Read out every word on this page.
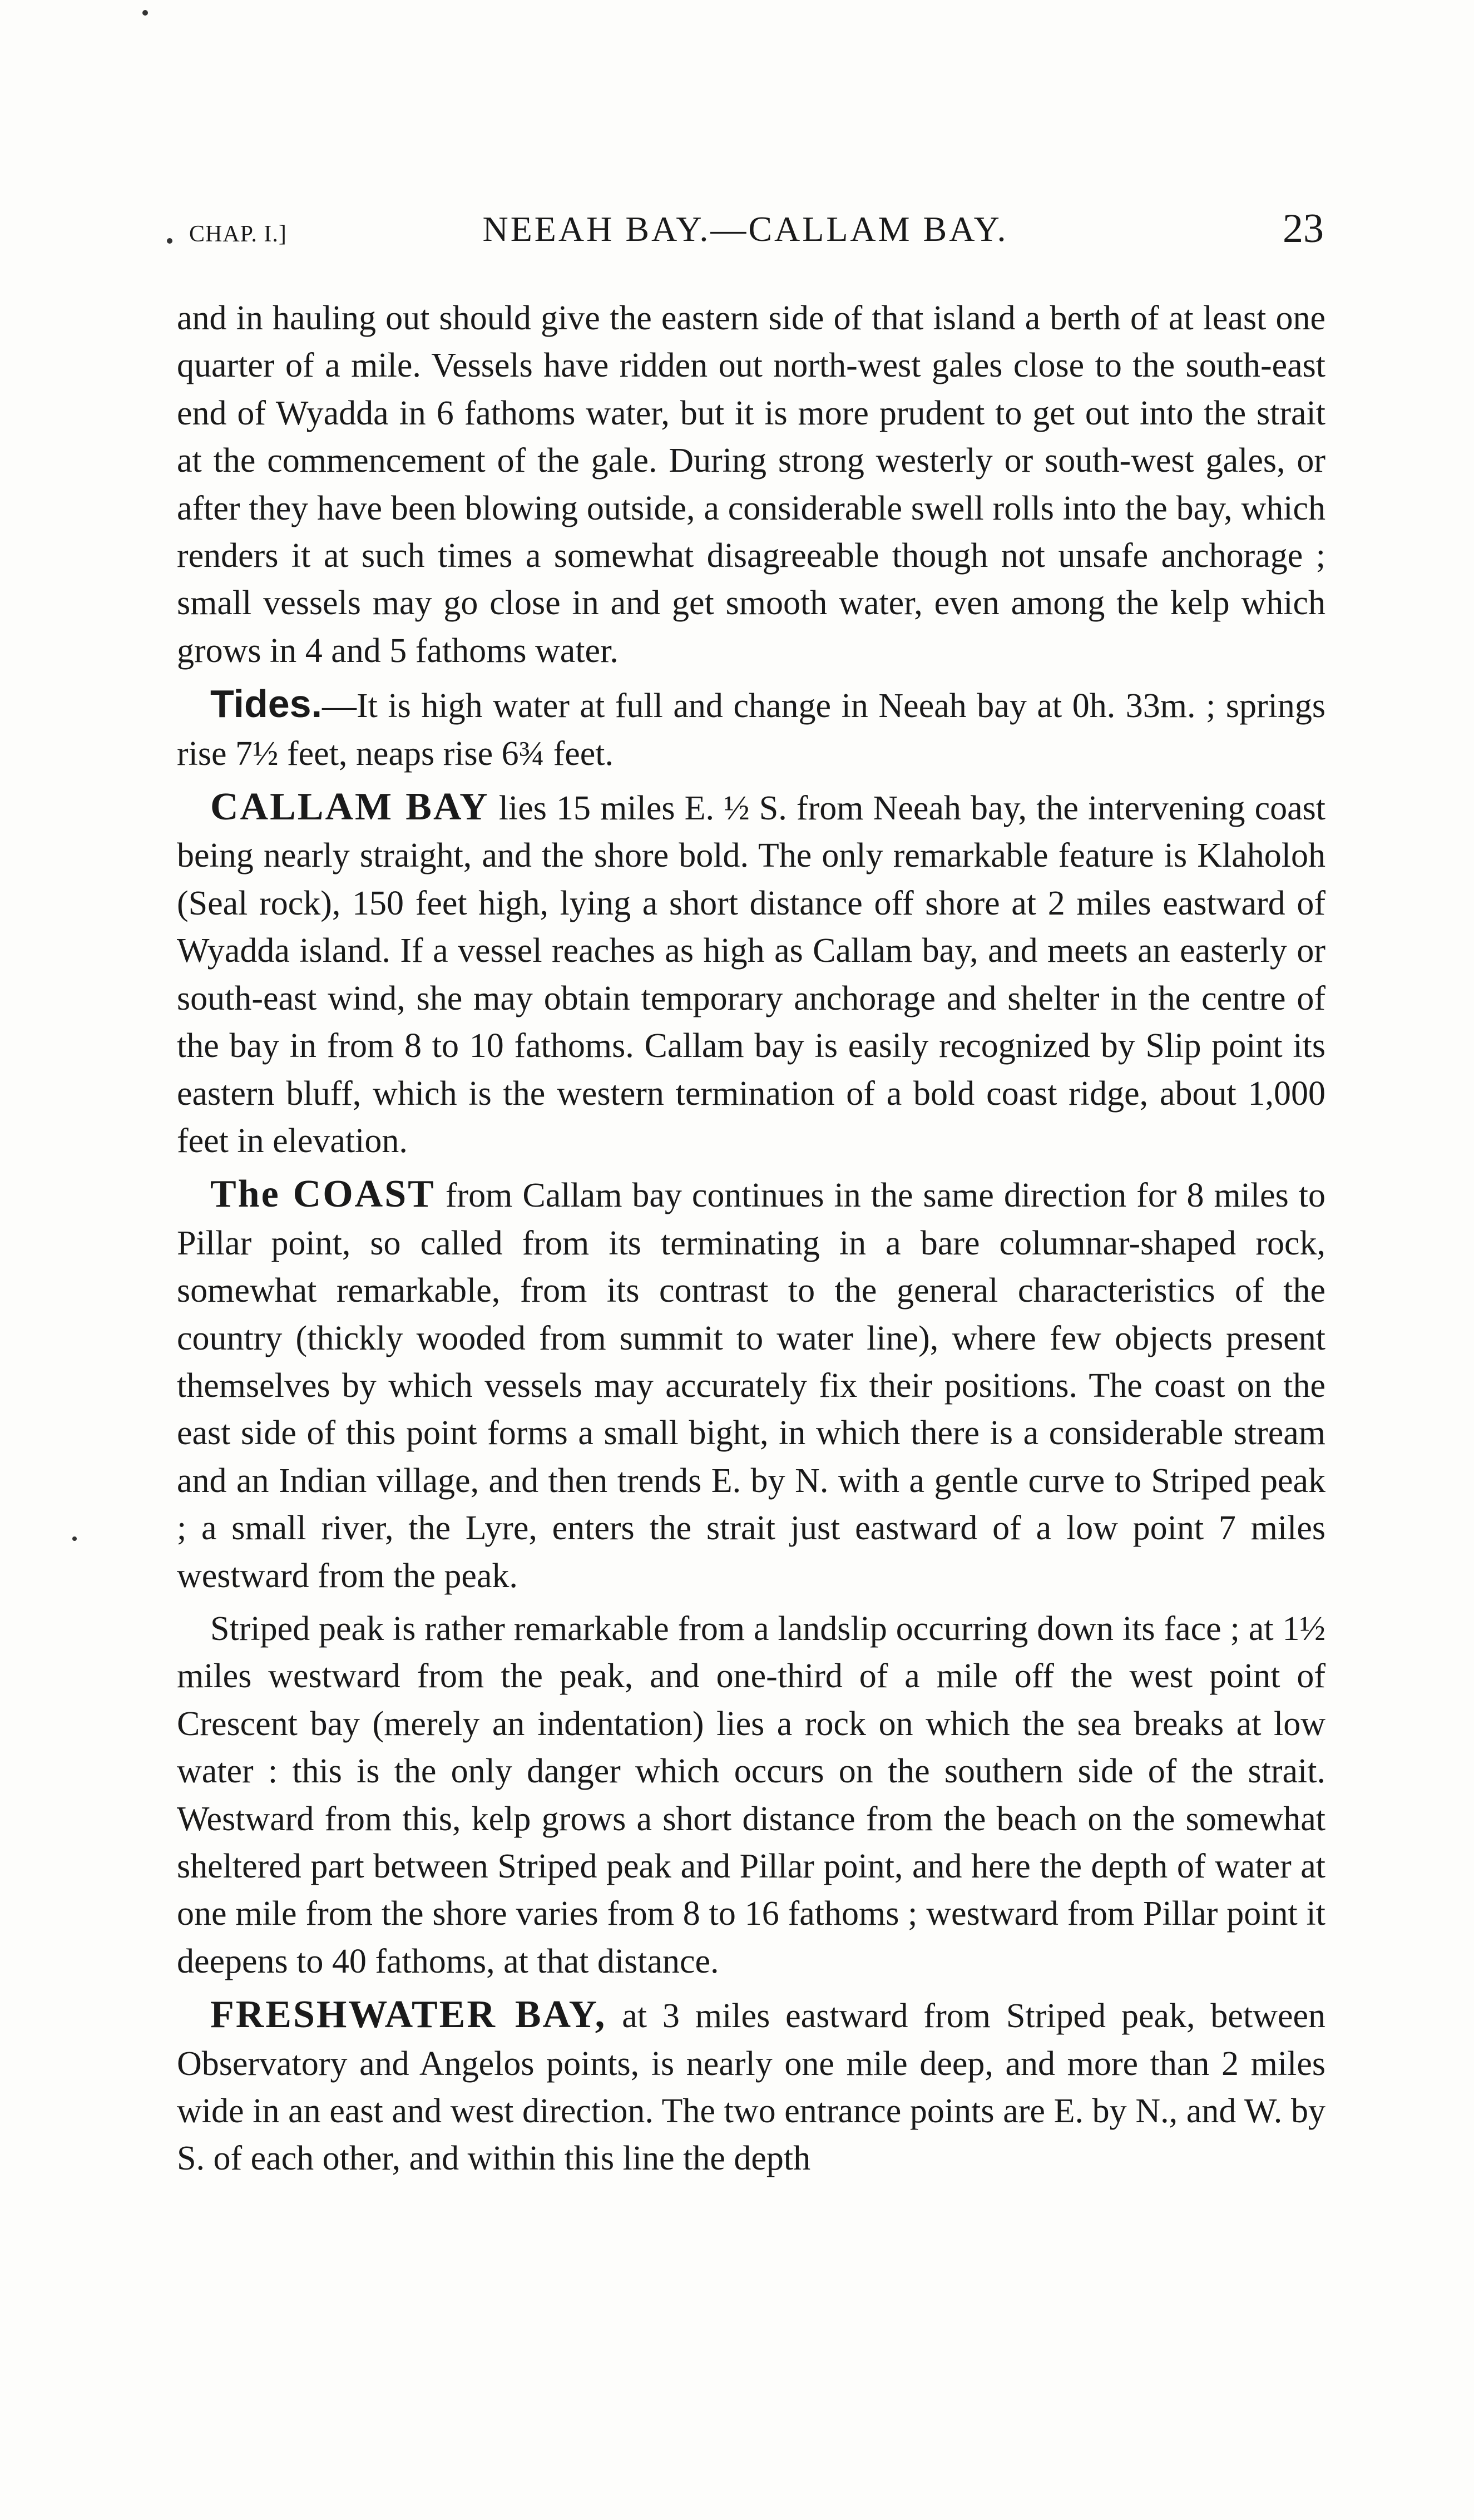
CHAP. I.]	NEEAH BAY.—CALLAM BAY.	23

and in hauling out should give the eastern side of that island a berth of at least one quarter of a mile. Vessels have ridden out north-west gales close to the south-east end of Wyadda in 6 fathoms water, but it is more prudent to get out into the strait at the commencement of the gale. During strong westerly or south-west gales, or after they have been blowing outside, a considerable swell rolls into the bay, which renders it at such times a somewhat disagreeable though not unsafe anchorage ; small vessels may go close in and get smooth water, even among the kelp which grows in 4 and 5 fathoms water.

Tides.—It is high water at full and change in Neeah bay at 0h. 33m. ; springs rise 7½ feet, neaps rise 6¾ feet.

CALLAM BAY lies 15 miles E. ½ S. from Neeah bay, the intervening coast being nearly straight, and the shore bold. The only remarkable feature is Klaholoh (Seal rock), 150 feet high, lying a short distance off shore at 2 miles eastward of Wyadda island. If a vessel reaches as high as Callam bay, and meets an easterly or south-east wind, she may obtain temporary anchorage and shelter in the centre of the bay in from 8 to 10 fathoms. Callam bay is easily recognized by Slip point its eastern bluff, which is the western termination of a bold coast ridge, about 1,000 feet in elevation.

The COAST from Callam bay continues in the same direction for 8 miles to Pillar point, so called from its terminating in a bare columnar-shaped rock, somewhat remarkable, from its contrast to the general characteristics of the country (thickly wooded from summit to water line), where few objects present themselves by which vessels may accurately fix their positions. The coast on the east side of this point forms a small bight, in which there is a considerable stream and an Indian village, and then trends E. by N. with a gentle curve to Striped peak ; a small river, the Lyre, enters the strait just eastward of a low point 7 miles westward from the peak.

Striped peak is rather remarkable from a landslip occurring down its face ; at 1½ miles westward from the peak, and one-third of a mile off the west point of Crescent bay (merely an indentation) lies a rock on which the sea breaks at low water : this is the only danger which occurs on the southern side of the strait. Westward from this, kelp grows a short distance from the beach on the somewhat sheltered part between Striped peak and Pillar point, and here the depth of water at one mile from the shore varies from 8 to 16 fathoms ; westward from Pillar point it deepens to 40 fathoms, at that distance.

FRESHWATER BAY, at 3 miles eastward from Striped peak, between Observatory and Angelos points, is nearly one mile deep, and more than 2 miles wide in an east and west direction. The two entrance points are E. by N., and W. by S. of each other, and within this line the depth
